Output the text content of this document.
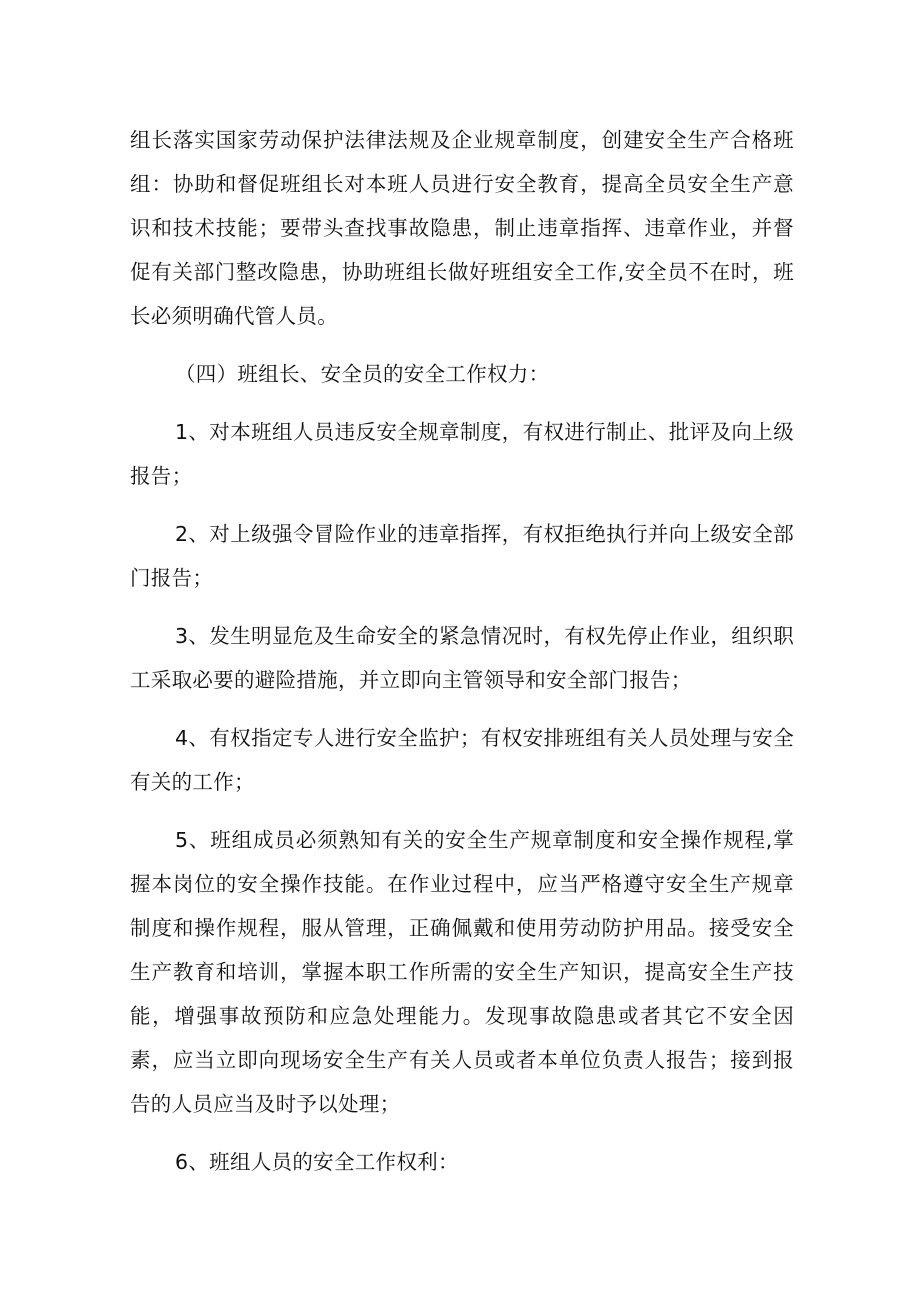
组长落实国家劳动保护法律法规及企业规章制度，创建安全生产合格班组：协助和督促班组长对本班人员进行安全教育，提高全员安全生产意识和技术技能；要带头查找事故隐患，制止违章指挥、违章作业，并督促有关部门整改隐患，协助班组长做好班组安全工作,安全员不在时，班长必须明确代管人员。

（四）班组长、安全员的安全工作权力：

1、对本班组人员违反安全规章制度，有权进行制止、批评及向上级报告；

2、对上级强令冒险作业的违章指挥，有权拒绝执行并向上级安全部门报告；

3、发生明显危及生命安全的紧急情况时，有权先停止作业，组织职工采取必要的避险措施，并立即向主管领导和安全部门报告；

4、有权指定专人进行安全监护；有权安排班组有关人员处理与安全有关的工作；

5、班组成员必须熟知有关的安全生产规章制度和安全操作规程,掌握本岗位的安全操作技能。在作业过程中，应当严格遵守安全生产规章制度和操作规程，服从管理，正确佩戴和使用劳动防护用品。接受安全生产教育和培训，掌握本职工作所需的安全生产知识，提高安全生产技能，增强事故预防和应急处理能力。发现事故隐患或者其它不安全因素，应当立即向现场安全生产有关人员或者本单位负责人报告；接到报告的人员应当及时予以处理；

6、班组人员的安全工作权利：
